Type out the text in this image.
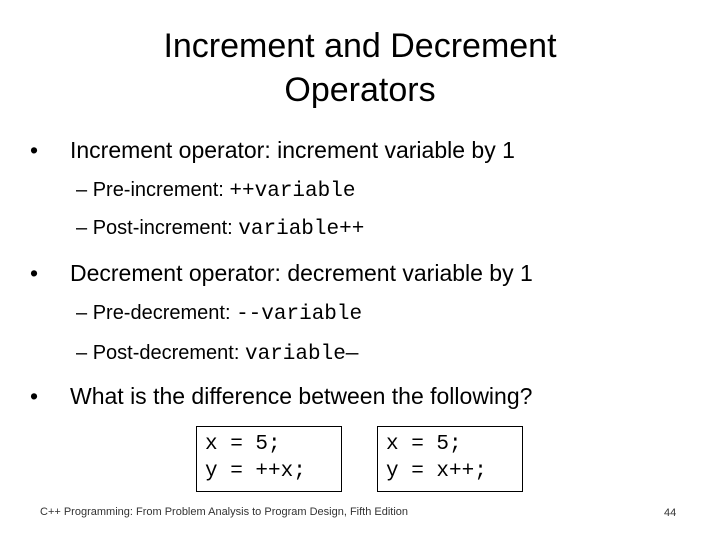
Increment and Decrement
Operators
• Increment operator: increment variable by 1
– Pre-increment: ++variable
– Post-increment: variable++
• Decrement operator: decrement variable by 1
– Pre-decrement: --variable
– Post-decrement: variable—
• What is the difference between the following?
x = 5;
y = ++x;
x = 5;
y = x++;
C++ Programming: From Problem Analysis to Program Design, Fifth Edition	44
